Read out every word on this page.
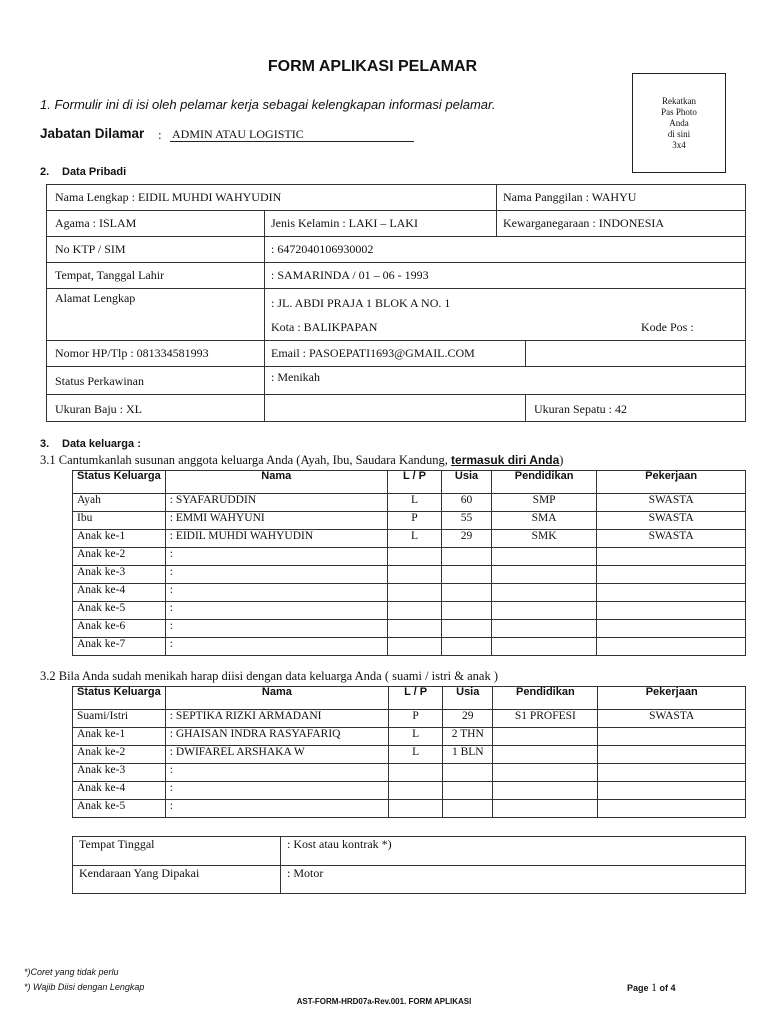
FORM APLIKASI PELAMAR
Rekatkan
Pas Photo
Anda
di sini
3x4
1. Formulir ini di isi oleh pelamar kerja sebagai kelengkapan informasi pelamar.
Jabatan Dilamar : ADMIN ATAU LOGISTIC
2. Data Pribadi
Nama Lengkap : EIDIL MUHDI WAHYUDIN	Nama Panggilan : WAHYU
Agama : ISLAM	Jenis Kelamin : LAKI – LAKI	Kewarganegaraan : INDONESIA
No KTP / SIM	: 6472040106930002
Tempat, Tanggal Lahir	: SAMARINDA / 01 – 06 - 1993
Alamat Lengkap	: JL. ABDI PRAJA 1 BLOK A NO. 1
Kota : BALIKPAPAN	Kode Pos :
Nomor HP/Tlp : 081334581993	Email : PASOEPATI1693@GMAIL.COM
Status Perkawinan	: Menikah
Ukuran Baju : XL	Ukuran Sepatu : 42
3. Data keluarga :
3.1 Cantumkanlah susunan anggota keluarga Anda (Ayah, Ibu, Saudara Kandung, termasuk diri Anda)
Status Keluarga	Nama	L / P	Usia	Pendidikan	Pekerjaan
Ayah	: SYAFARUDDIN	L	60	SMP	SWASTA
Ibu	: EMMI WAHYUNI	P	55	SMA	SWASTA
Anak ke-1	: EIDIL MUHDI WAHYUDIN	L	29	SMK	SWASTA
Anak ke-2	:				
Anak ke-3	:				
Anak ke-4	:				
Anak ke-5	:				
Anak ke-6	:				
Anak ke-7	:				
3.2 Bila Anda sudah menikah harap diisi dengan data keluarga Anda ( suami / istri & anak )
Status Keluarga	Nama	L / P	Usia	Pendidikan	Pekerjaan
Suami/Istri	: SEPTIKA RIZKI ARMADANI	P	29	S1 PROFESI	SWASTA
Anak ke-1	: GHAISAN INDRA RASYAFARIQ	L	2 THN		
Anak ke-2	: DWIFAREL ARSHAKA W	L	1 BLN		
Anak ke-3	:				
Anak ke-4	:				
Anak ke-5	:				
Tempat Tinggal	: Kost atau kontrak *)
Kendaraan Yang Dipakai	: Motor
*)Coret yang tidak perlu
*) Wajib Diisi dengan Lengkap	Page 1 of 4
AST-FORM-HRD07a-Rev.001. FORM APLIKASI
